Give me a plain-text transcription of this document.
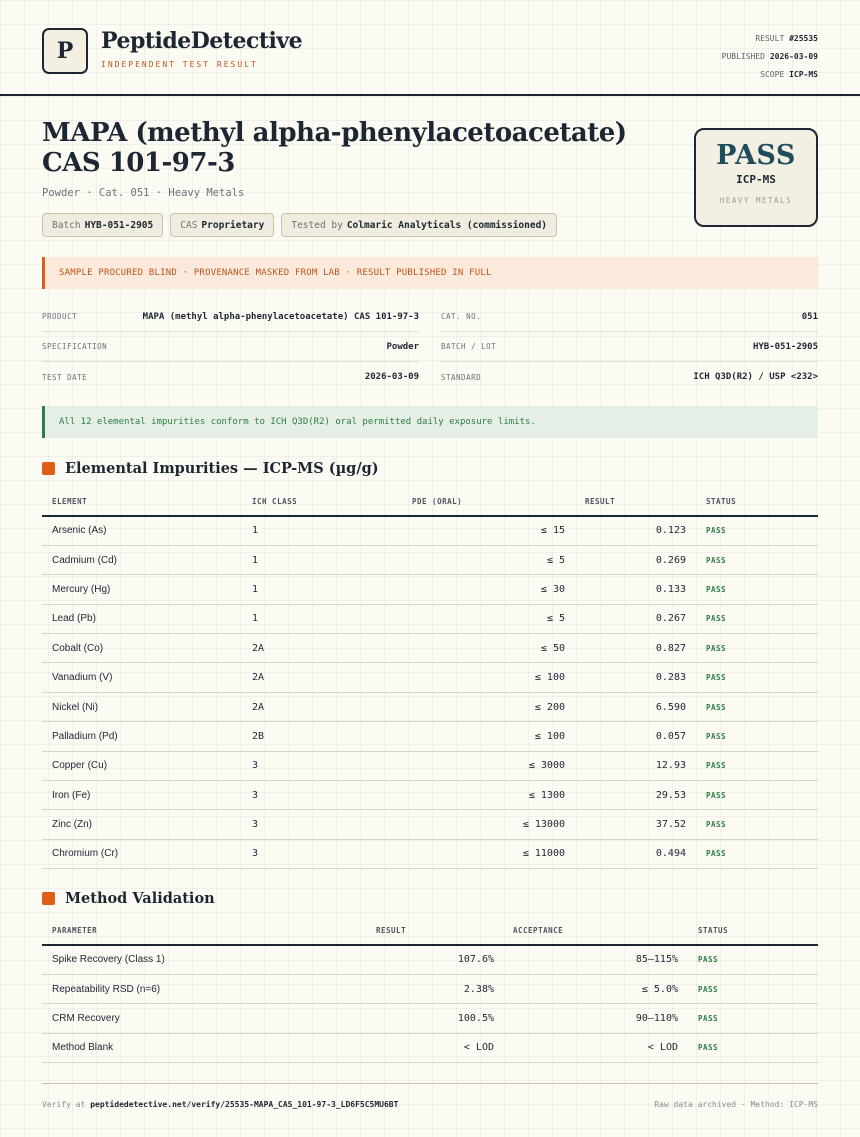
P	PeptideDetective
INDEPENDENT TEST RESULT
RESULT #25535
PUBLISHED 2026-03-09
SCOPE ICP-MS
MAPA (methyl alpha-phenylacetoacetate) CAS 101-97-3
Powder · Cat. 051 · Heavy Metals
Batch HYB-051-2905	CAS Proprietary	Tested by Colmaric Analyticals (commissioned)
PASS
ICP-MS
HEAVY METALS
SAMPLE PROCURED BLIND · PROVENANCE MASKED FROM LAB · RESULT PUBLISHED IN FULL
PRODUCT	MAPA (methyl alpha-phenylacetoacetate) CAS 101-97-3
SPECIFICATION	Powder
TEST DATE	2026-03-09
CAT. NO.	051
BATCH / LOT	HYB-051-2905
STANDARD	ICH Q3D(R2) / USP <232>
All 12 elemental impurities conform to ICH Q3D(R2) oral permitted daily exposure limits.
Elemental Impurities — ICP-MS (µg/g)
ELEMENT	ICH CLASS	PDE (ORAL)	RESULT	STATUS
Arsenic (As)	1	≤ 15	0.123	PASS
Cadmium (Cd)	1	≤ 5	0.269	PASS
Mercury (Hg)	1	≤ 30	0.133	PASS
Lead (Pb)	1	≤ 5	0.267	PASS
Cobalt (Co)	2A	≤ 50	0.827	PASS
Vanadium (V)	2A	≤ 100	0.283	PASS
Nickel (Ni)	2A	≤ 200	6.590	PASS
Palladium (Pd)	2B	≤ 100	0.057	PASS
Copper (Cu)	3	≤ 3000	12.93	PASS
Iron (Fe)	3	≤ 1300	29.53	PASS
Zinc (Zn)	3	≤ 13000	37.52	PASS
Chromium (Cr)	3	≤ 11000	0.494	PASS
Method Validation
PARAMETER	RESULT	ACCEPTANCE	STATUS
Spike Recovery (Class 1)	107.6%	85–115%	PASS
Repeatability RSD (n=6)	2.38%	≤ 5.0%	PASS
CRM Recovery	100.5%	90–110%	PASS
Method Blank	< LOD	< LOD	PASS
Verify at peptidedetective.net/verify/25535-MAPA_CAS_101-97-3_LD6F5C5MU6BT	Raw data archived · Method: ICP-MS
